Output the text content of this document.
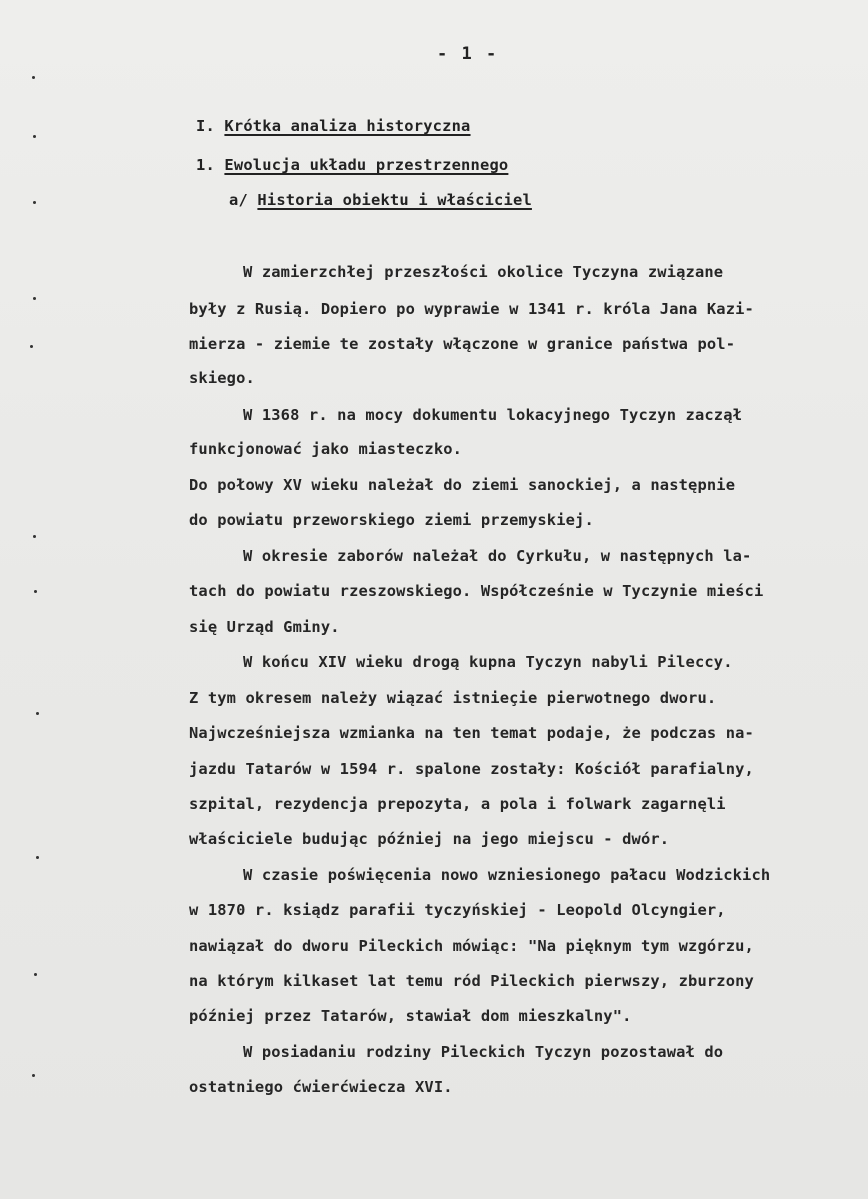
- 1 -
I. Krótka analiza historyczna
1. Ewolucja układu przestrzennego
a/ Historia obiektu i właściciel
W zamierzchłej przeszłości okolice Tyczyna związane
były z Rusią. Dopiero po wyprawie w 1341 r. króla Jana Kazi-
mierza - ziemie te zostały włączone w granice państwa pol-
skiego.
W 1368 r. na mocy dokumentu lokacyjnego Tyczyn zaczął
funkcjonować jako miasteczko.
Do połowy XV wieku należał do ziemi sanockiej, a następnie
do powiatu przeworskiego ziemi przemyskiej.
W okresie zaborów należał do Cyrkułu, w następnych la-
tach do powiatu rzeszowskiego. Współcześnie w Tyczynie mieści
się Urząd Gminy.
W końcu XIV wieku drogą kupna Tyczyn nabyli Pileccy.
Z tym okresem należy wiązać istnieçie pierwotnego dworu.
Najwcześniejsza wzmianka na ten temat podaje, że podczas na-
jazdu Tatarów w 1594 r. spalone zostały: Kościół parafialny,
szpital, rezydencja prepozyta, a pola i folwark zagarnęli
właściciele budując później na jego miejscu - dwór.
W czasie poświęcenia nowo wzniesionego pałacu Wodzickich
w 1870 r. ksiądz parafii tyczyńskiej - Leopold Olcyngier,
nawiązał do dworu Pileckich mówiąc: "Na pięknym tym wzgórzu,
na którym kilkaset lat temu ród Pileckich pierwszy, zburzony
później przez Tatarów, stawiał dom mieszkalny".
W posiadaniu rodziny Pileckich Tyczyn pozostawał do
ostatniego ćwierćwiecza XVI.
